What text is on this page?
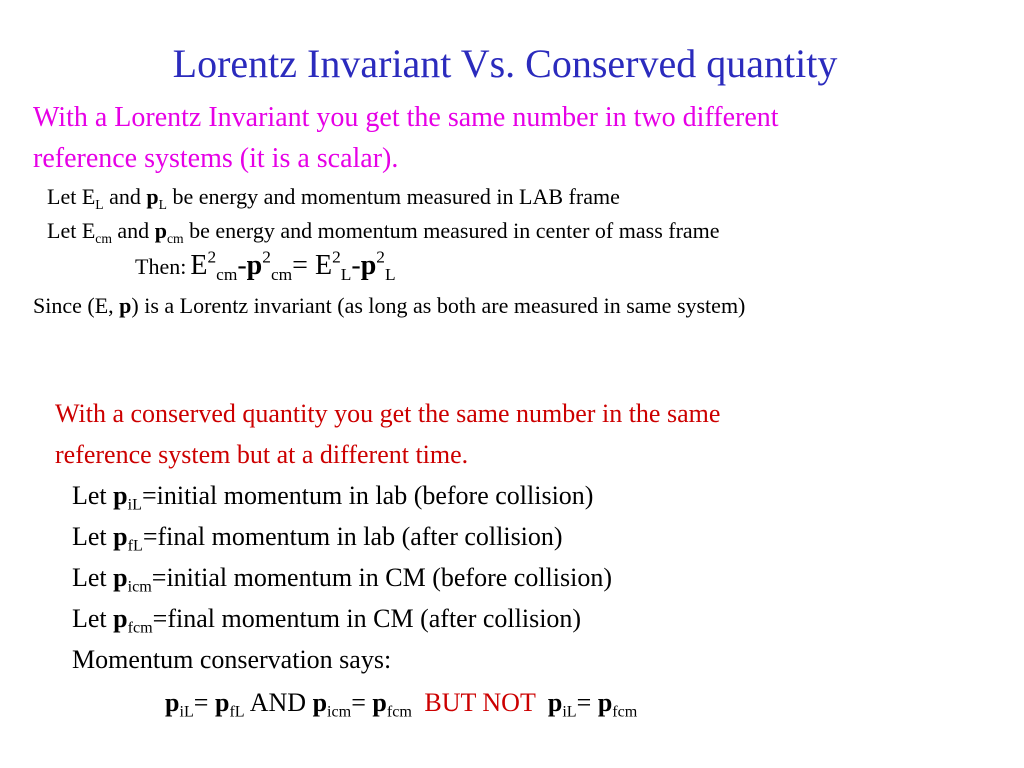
Lorentz Invariant Vs. Conserved quantity
With a Lorentz Invariant you get the same number in two different
reference systems (it is a scalar).
Let $E_L$ and $p_L$ be energy and momentum measured in LAB frame
Let $E_{cm}$ and $p_{cm}$ be energy and momentum measured in center of mass frame
Then: $E^2_{cm}-p^2_{cm}= E^2_L-p^2_L$
Since (E, p) is a Lorentz invariant (as long as both are measured in same system)
With a conserved quantity you get the same number in the same
reference system but at a different time.
Let $p_{iL}=initial$ momentum in lab (before collision)
Let $p_{fL}=final$ momentum in lab (after collision)
Let $p_{icm}=initial$ momentum in CM (before collision)
Let $p_{fcm}=final$ momentum in CM (after collision)
Momentum conservation says:
$p_{iL}= p_{fL}$ AND $p_{icm}= p_{fcm}$ BUT NOT $p_{iL}= p_{fcm}$
